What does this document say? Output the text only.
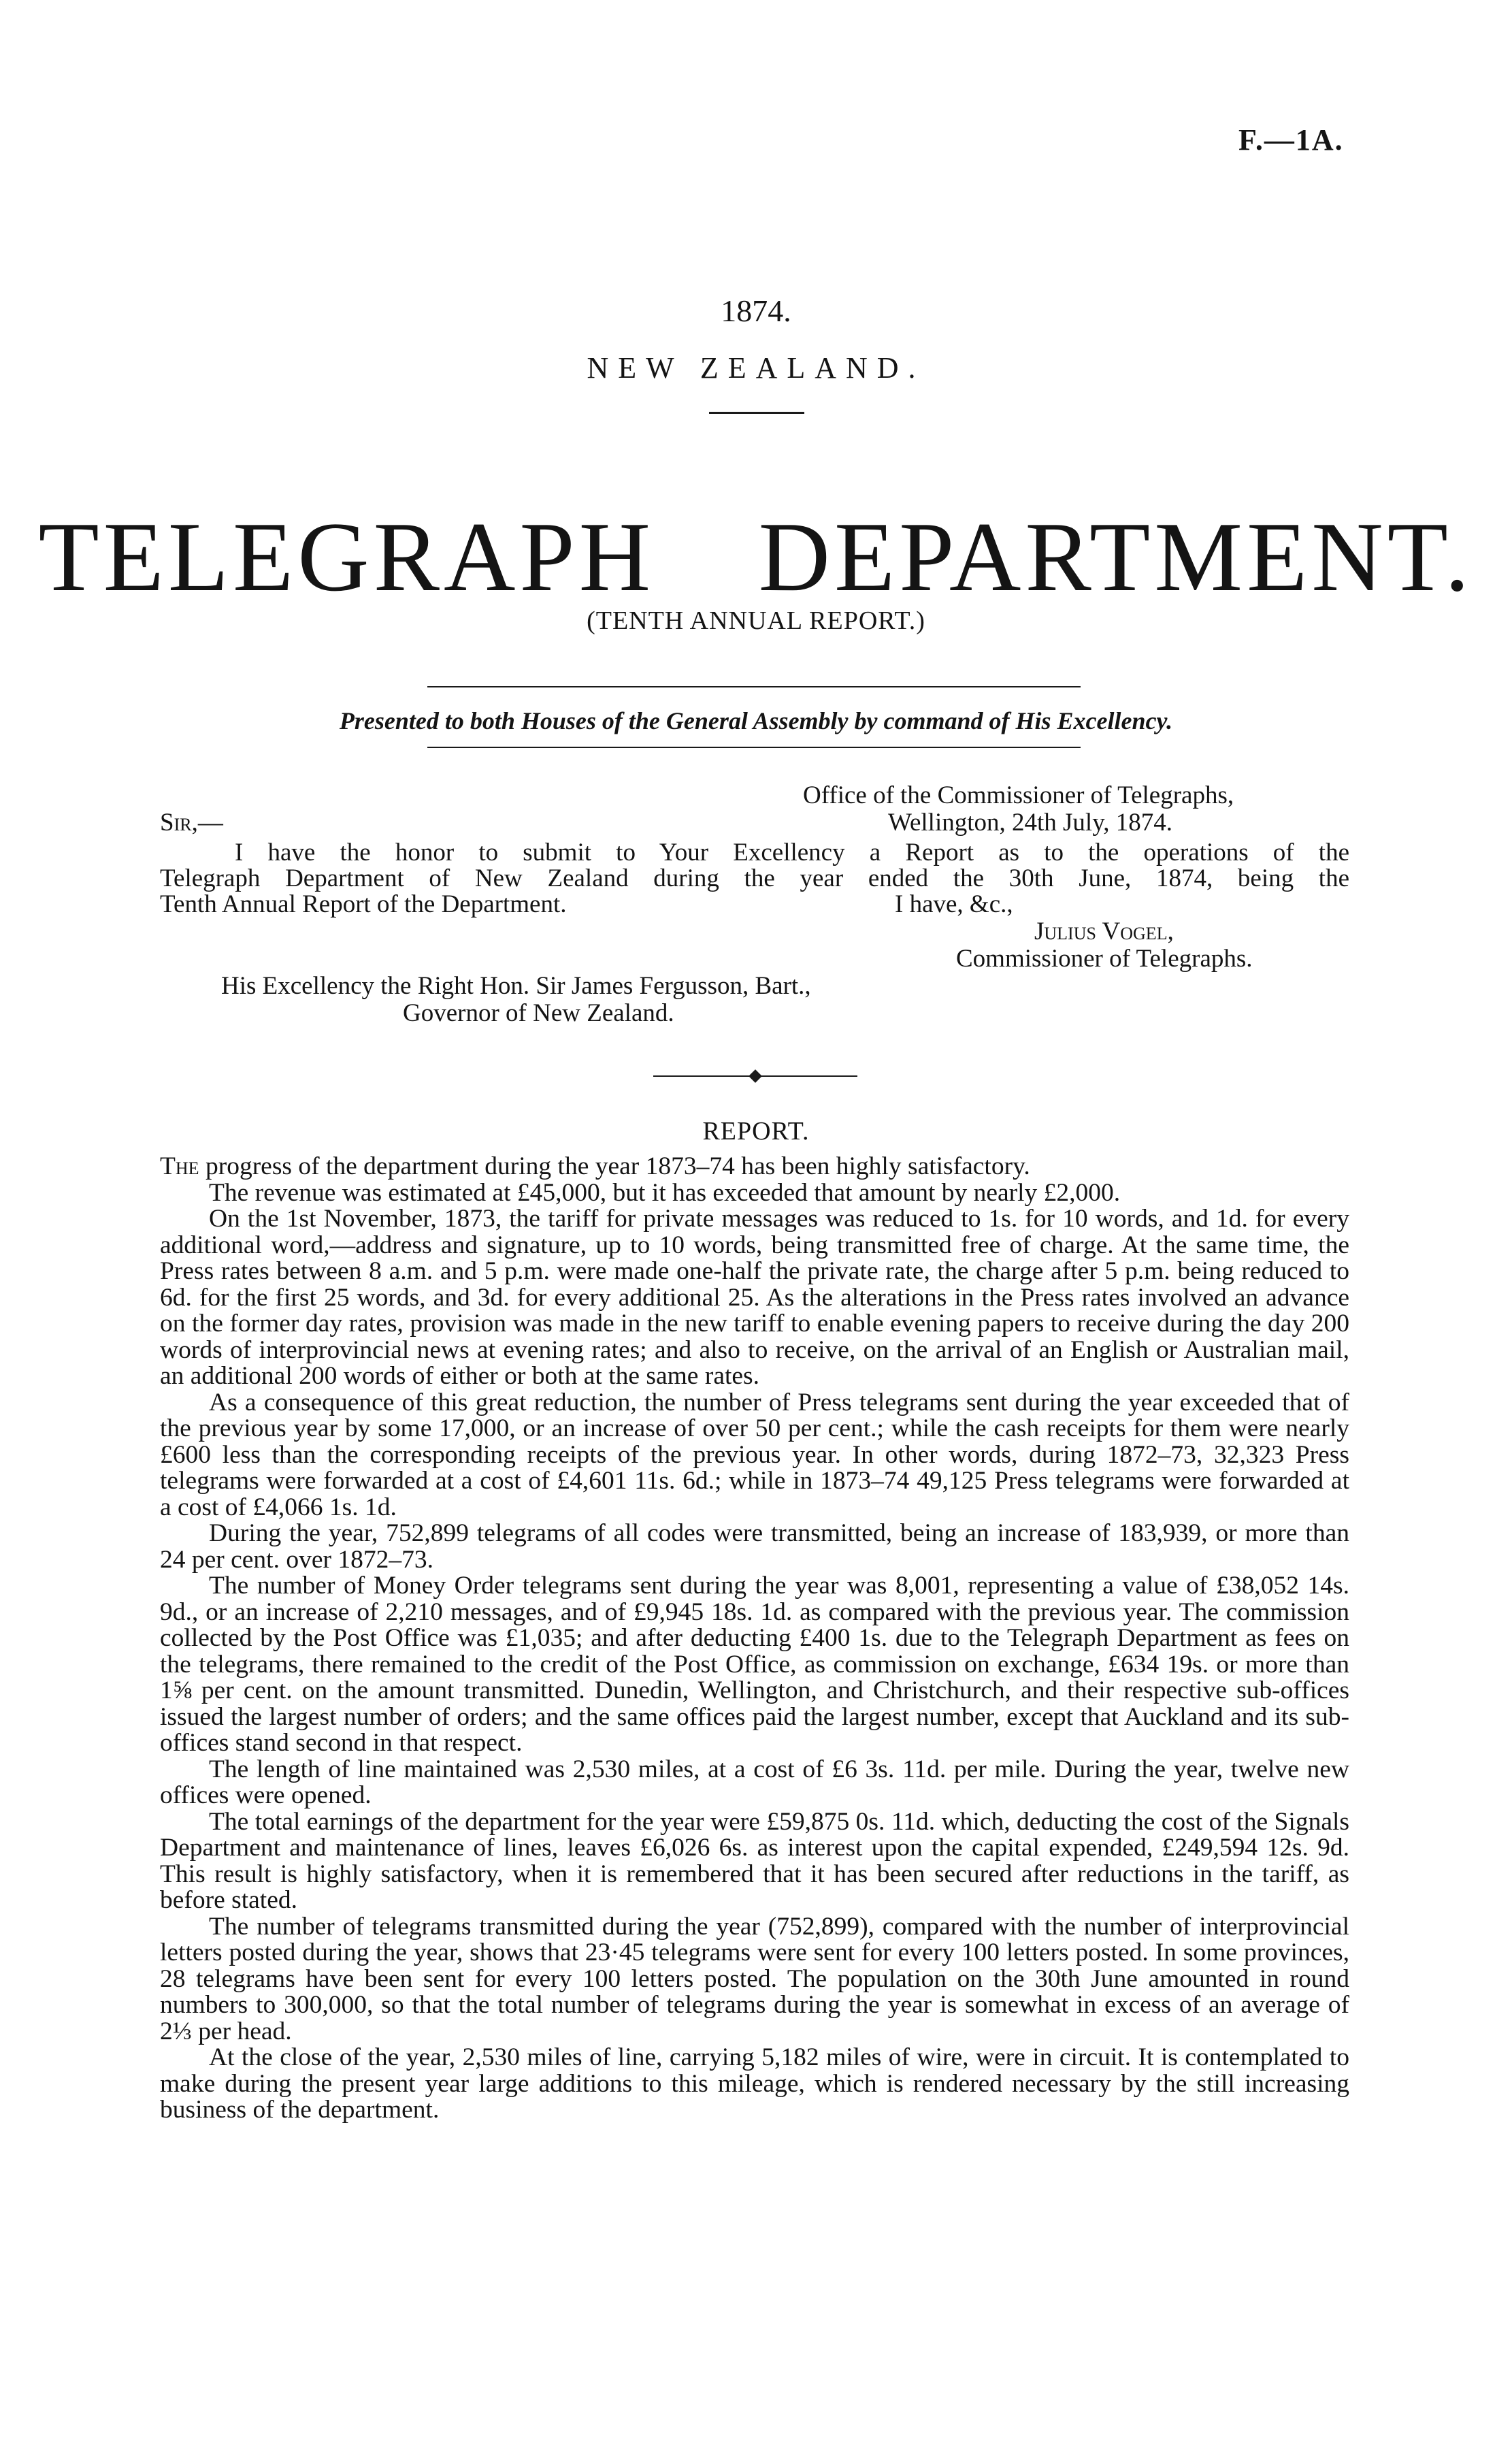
F.—1A.
1874.
NEW ZEALAND.
TELEGRAPH DEPARTMENT.
(TENTH ANNUAL REPORT.)
Presented to both Houses of the General Assembly by command of His Excellency.
Office of the Commissioner of Telegraphs,
Sir,—	Wellington, 24th July, 1874.
I have the honor to submit to Your Excellency a Report as to the operations of the
Telegraph Department of New Zealand during the year ended the 30th June, 1874, being the
Tenth Annual Report of the Department.	I have, &c.,
Julius Vogel,
Commissioner of Telegraphs.
His Excellency the Right Hon. Sir James Fergusson, Bart.,
Governor of New Zealand.
REPORT.

The progress of the department during the year 1873–74 has been highly satisfactory.

The revenue was estimated at £45,000, but it has exceeded that amount by nearly £2,000.

On the 1st November, 1873, the tariff for private messages was reduced to 1s. for 10 words, and 1d. for every additional word,—address and signature, up to 10 words, being transmitted free of charge. At the same time, the Press rates between 8 a.m. and 5 p.m. were made one-half the private rate, the charge after 5 p.m. being reduced to 6d. for the first 25 words, and 3d. for every additional 25. As the alterations in the Press rates involved an advance on the former day rates, provision was made in the new tariff to enable evening papers to receive during the day 200 words of interprovincial news at evening rates; and also to receive, on the arrival of an English or Australian mail, an additional 200 words of either or both at the same rates.

As a consequence of this great reduction, the number of Press telegrams sent during the year exceeded that of the previous year by some 17,000, or an increase of over 50 per cent.; while the cash receipts for them were nearly £600 less than the corresponding receipts of the previous year. In other words, during 1872–73, 32,323 Press telegrams were forwarded at a cost of £4,601 11s. 6d.; while in 1873–74 49,125 Press telegrams were forwarded at a cost of £4,066 1s. 1d.

During the year, 752,899 telegrams of all codes were transmitted, being an increase of 183,939, or more than 24 per cent. over 1872–73.

The number of Money Order telegrams sent during the year was 8,001, representing a value of £38,052 14s. 9d., or an increase of 2,210 messages, and of £9,945 18s. 1d. as compared with the previous year. The commission collected by the Post Office was £1,035; and after deducting £400 1s. due to the Telegraph Department as fees on the telegrams, there remained to the credit of the Post Office, as commission on exchange, £634 19s. or more than 1⅝ per cent. on the amount transmitted. Dunedin, Wellington, and Christchurch, and their respective sub-offices issued the largest number of orders; and the same offices paid the largest number, except that Auckland and its sub-offices stand second in that respect.

The length of line maintained was 2,530 miles, at a cost of £6 3s. 11d. per mile. During the year, twelve new offices were opened.

The total earnings of the department for the year were £59,875 0s. 11d. which, deducting the cost of the Signals Department and maintenance of lines, leaves £6,026 6s. as interest upon the capital expended, £249,594 12s. 9d. This result is highly satisfactory, when it is remembered that it has been secured after reductions in the tariff, as before stated.

The number of telegrams transmitted during the year (752,899), compared with the number of interprovincial letters posted during the year, shows that 23·45 telegrams were sent for every 100 letters posted. In some provinces, 28 telegrams have been sent for every 100 letters posted. The population on the 30th June amounted in round numbers to 300,000, so that the total number of telegrams during the year is somewhat in excess of an average of 2⅓ per head.

At the close of the year, 2,530 miles of line, carrying 5,182 miles of wire, were in circuit. It is contemplated to make during the present year large additions to this mileage, which is rendered necessary by the still increasing business of the department.
